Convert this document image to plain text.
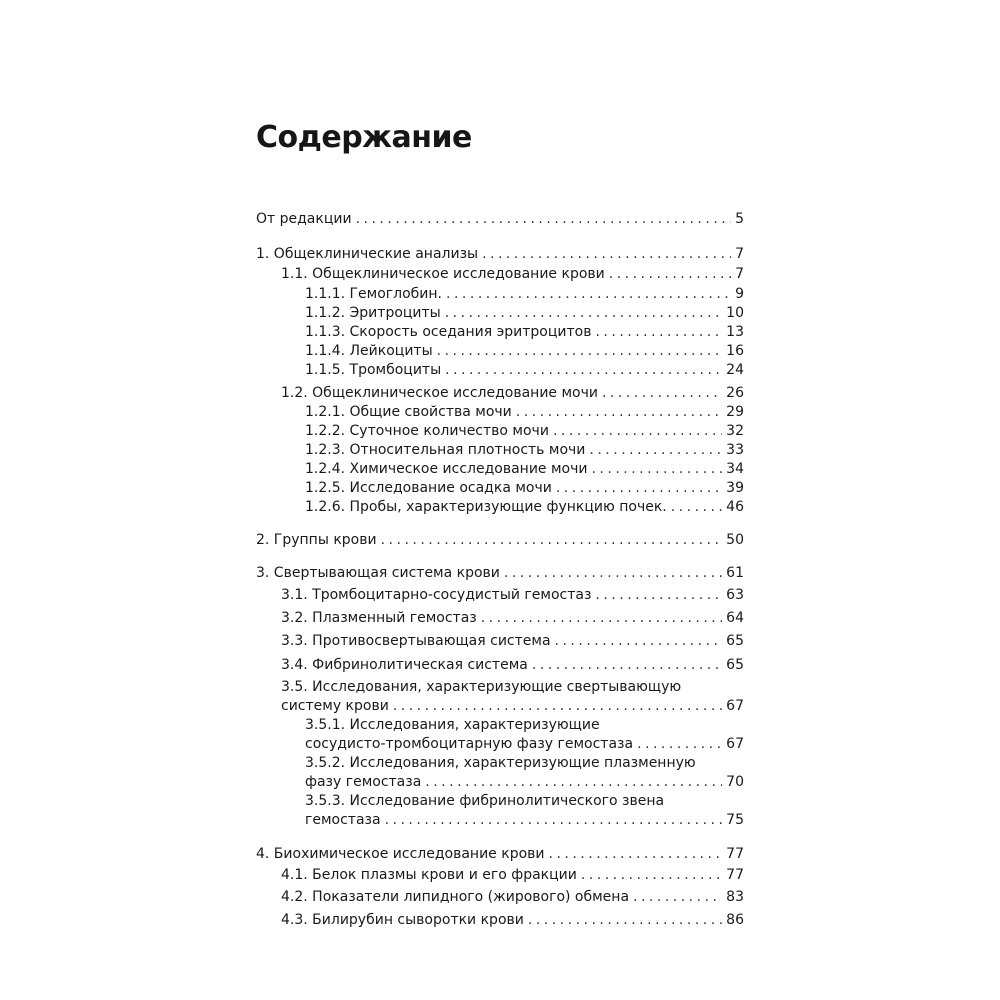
Содержание
От редакции .....	5
1. Общеклинические анализы .....	7
1.1. Общеклиническое исследование крови .....	7
1.1.1. Гемоглобин. .....	9
1.1.2. Эритроциты .....	10
1.1.3. Скорость оседания эритроцитов .....	13
1.1.4. Лейкоциты .....	16
1.1.5. Тромбоциты .....	24
1.2. Общеклиническое исследование мочи .....	26
1.2.1. Общие свойства мочи .....	29
1.2.2. Суточное количество мочи .....	32
1.2.3. Относительная плотность мочи .....	33
1.2.4. Химическое исследование мочи .....	34
1.2.5. Исследование осадка мочи .....	39
1.2.6. Пробы, характеризующие функцию почек. .....	46
2. Группы крови .....	50
3. Свертывающая система крови .....	61
3.1. Тромбоцитарно-сосудистый гемостаз .....	63
3.2. Плазменный гемостаз .....	64
3.3. Противосвертывающая система .....	65
3.4. Фибринолитическая система .....	65
3.5. Исследования, характеризующие свертывающую
систему крови .....	67
3.5.1. Исследования, характеризующие
сосудисто-тромбоцитарную фазу гемостаза .....	67
3.5.2. Исследования, характеризующие плазменную
фазу гемостаза .....	70
3.5.3. Исследование фибринолитического звена
гемостаза .....	75
4. Биохимическое исследование крови .....	77
4.1. Белок плазмы крови и его фракции .....	77
4.2. Показатели липидного (жирового) обмена .....	83
4.3. Билирубин сыворотки крови .....	86
